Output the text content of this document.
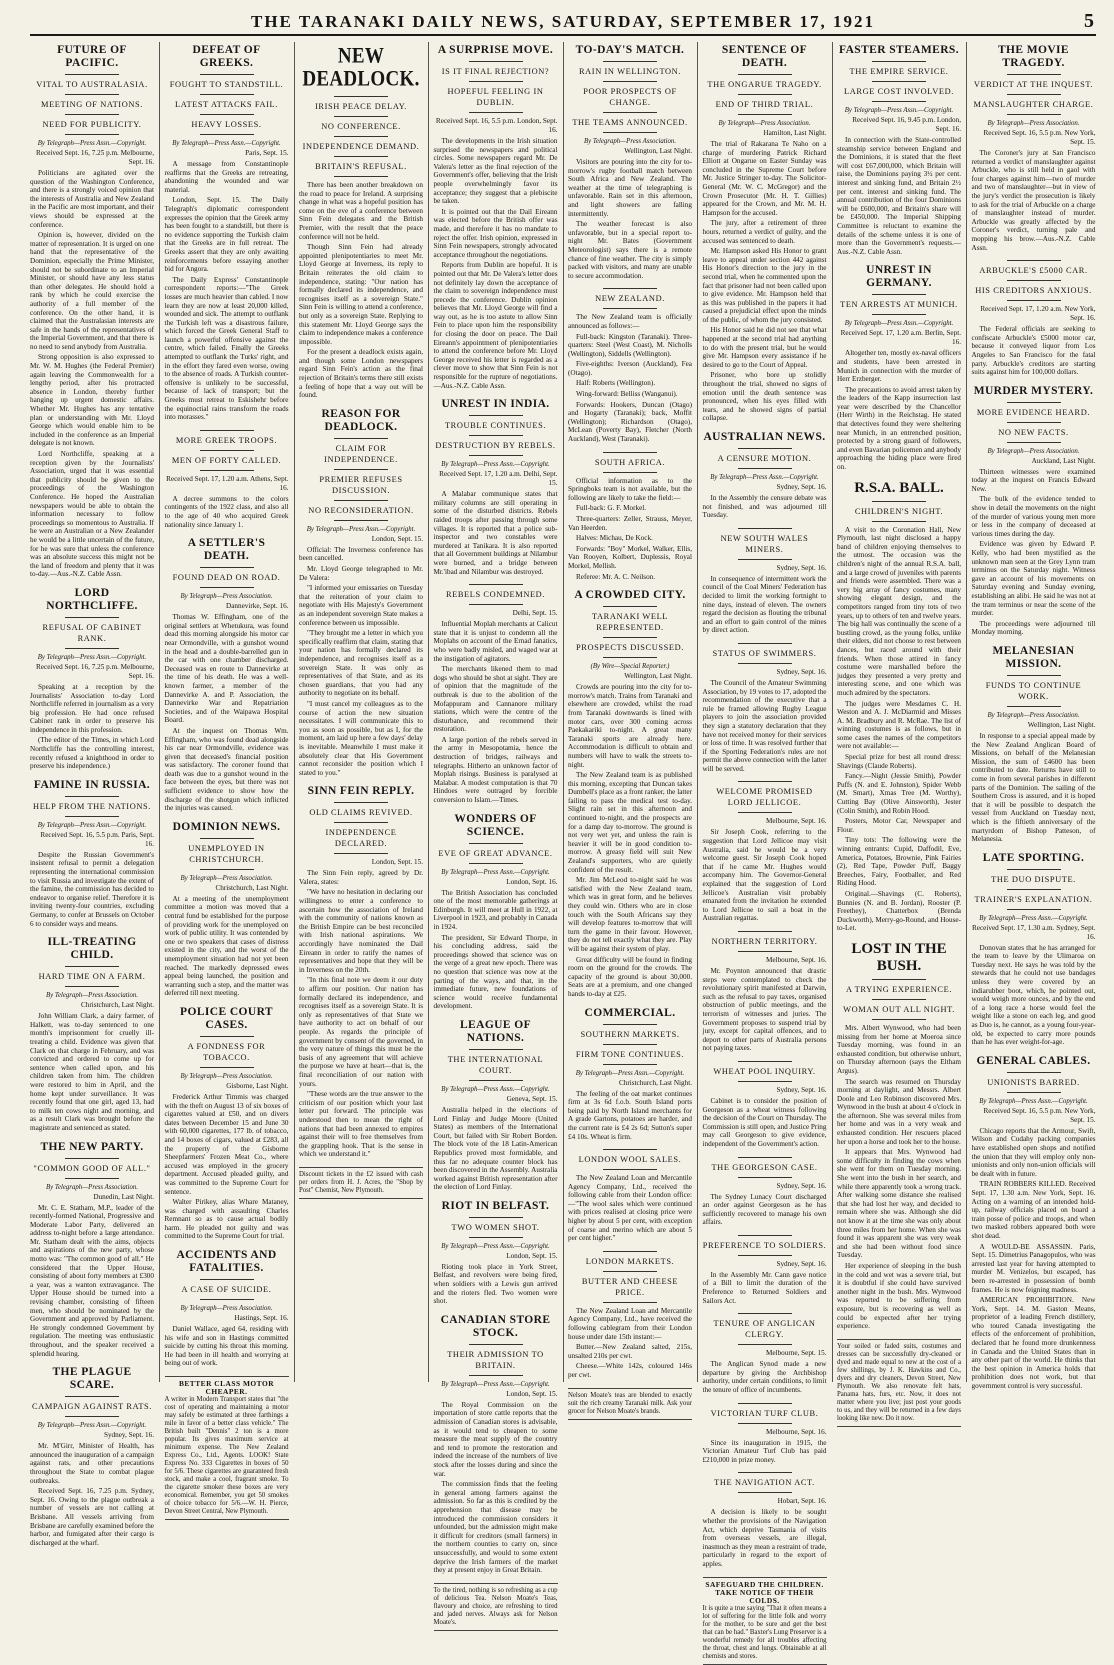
THE TARANAKI DAILY NEWS, SATURDAY, SEPTEMBER 17, 1921	5
FUTURE OF PACIFIC.
VITAL TO AUSTRALASIA.
MEETING OF NATIONS.
NEED FOR PUBLICITY.
By Telegraph—Press Assn.—Copyright.
Received Sept. 16, 7.25 p.m. Melbourne, Sept. 16.

Politicians are agitated over the question of the Washington Conference, and there is a strongly voiced opinion that the interests of Australia and New Zealand in the Pacific are most important, and their views should be expressed at the conference.

Opinion is, however, divided on the matter of representation. It is urged on one hand that the representative of the Dominion, especially the Prime Minister, should not be subordinate to an Imperial Minister, or should have any less status than other delegates. He should hold a rank by which he could exercise the authority of a full member of the conference. On the other hand, it is claimed that the Australasian interests are safe in the hands of the representatives of the Imperial Government, and that there is no need to send anybody from Australia.

Strong opposition is also expressed to Mr. W. M. Hughes (the Federal Premier) again leaving the Commonwealth for a lengthy period, after his protracted absence in London, thereby further hanging up urgent domestic affairs. Whether Mr. Hughes has any tentative plan or understanding with Mr. Lloyd George which would enable him to be included in the conference as an Imperial delegate is not known.

Lord Northcliffe, speaking at a reception given by the Journalists' Association, urged that it was essential that publicity should be given to the proceedings of the Washington Conference. He hoped the Australian newspapers would be able to obtain the information necessary to follow proceedings so momentous to Australia. If he were an Australian or a New Zealander he would be a little uncertain of the future, for he was sure that unless the conference was an absolute success this might not be the land of freedom and plenty that it was to-day.—Aus.-N.Z. Cable Assn.

LORD NORTHCLIFFE.
REFUSAL OF CABINET RANK.
By Telegraph—Press Assn.—Copyright.
Received Sept. 16, 7.25 p.m. Melbourne, Sept. 16.

Speaking at a reception by the Journalists' Association to-day Lord Northcliffe referred in journalism as a very big profession. He had once refused Cabinet rank in order to preserve his independence in this profession.

(The editor of the Times, in which Lord Northcliffe has the controlling interest, recently refused a knighthood in order to preserve his independence.)

FAMINE IN RUSSIA.
HELP FROM THE NATIONS.
By Telegraph—Press Assn.—Copyright.
Received Sept. 16, 5.5 p.m. Paris, Sept. 16.

Despite the Russian Government's insistent refusal to permit a delegation representing the international commission to visit Russia and investigate the extent of the famine, the commission has decided to endeavor to organise relief. Therefore it is inviting twenty-four countries, excluding Germany, to confer at Brussels on October 6 to consider ways and means.

ILL-TREATING CHILD.
HARD TIME ON A FARM.
By Telegraph—Press Association.
Christchurch, Last Night.

John William Clark, a dairy farmer, of Halkett, was to-day sentenced to one month's imprisonment for cruelly ill-treating a child. Evidence was given that Clark on that charge in February, and was convicted and ordered to come up for sentence when called upon, and his children taken from him. The children were restored to him in April, and the home kept under surveillance. It was recently found that one girl, aged 13, had to milk ten cows night and morning, and as a result Clark was brought before the magistrate and sentenced as stated.

THE NEW PARTY.
"COMMON GOOD OF ALL."
By Telegraph—Press Association.
Dunedin, Last Night.

Mr. C. E. Statham, M.P., leader of the recently-formed National, Progressive and Moderate Labor Party, delivered an address to-night before a large attendance. Mr. Statham dealt with the aims, objects and aspirations of the new party, whose motto was: "The common good of all." He considered that the Upper House, consisting of about forty members at £300 a year, was a wanton extravagance. The Upper House should be turned into a revising chamber, consisting of fifteen men, who should be nominated by the Government and approved by Parliament. He strongly condemned Government by regulation. The meeting was enthusiastic throughout, and the speaker received a splendid hearing.

THE PLAGUE SCARE.
CAMPAIGN AGAINST RATS.
By Telegraph—Press Assn.—Copyright.
Sydney, Sept. 16.

Mr. M'Girr, Minister of Health, has announced the inauguration of a campaign against rats, and other precautions throughout the State to combat plague outbreaks.

Received Sept. 16, 7.25 p.m. Sydney, Sept. 16. Owing to the plague outbreak a number of vessels are not calling at Brisbane. All vessels arriving from Brisbane are carefully examined before the harbor, and fumigated after their cargo is discharged at the wharf.

DEFEAT OF GREEKS.
FOUGHT TO STANDSTILL.
LATEST ATTACKS FAIL.
HEAVY LOSSES.
By Telegraph—Press Assn.—Copyright.
Paris, Sept. 15.

A message from Constantinople reaffirms that the Greeks are retreating, abandoning the wounded and war material.

London, Sept. 15. The Daily Telegraph's diplomatic correspondent expresses the opinion that the Greek army has been fought to a standstill, but there is no evidence supporting the Turkish claim that the Greeks are in full retreat. The Greeks assert that they are only awaiting reinforcements before essaying another bid for Angora.

The Daily Express' Constantinople correspondent reports:—"The Greek losses are much heavier than cabled. I now learn they are now at least 20,000 killed, wounded and sick. The attempt to outflank the Turkish left was a disastrous failure, which forced the Greek General Staff to launch a powerful offensive against the centre, which failed. Finally the Greeks attempted to outflank the Turks' right, and in the effort they fared even worse, owing to the absence of roads. A Turkish counter-offensive is unlikely to be successful, because of lack of transport; but the Greeks must retreat to Eskishehr before the equinoctial rains transform the roads into morasses."

MORE GREEK TROOPS.
MEN OF FORTY CALLED.
Received Sept. 17, 1.20 a.m. Athens, Sept. 16.

A decree summons to the colors contingents of the 1922 class, and also all to the age of 40 who acquired Greek nationality since January 1.

A SETTLER'S DEATH.
FOUND DEAD ON ROAD.
By Telegraph—Press Association.
Dannevirke, Sept. 16.

Thomas W. Effingham, one of the original settlers at Whetukura, was found dead this morning alongside his motor car near Ormondville, with a gunshot wound in the head and a double-barrelled gun in the car with one chamber discharged. Deceased was en route to Dannevirke at the time of his death. He was a well-known farmer, a member of the Dannevirke A. and P. Association, the Dannevirke War and Repatriation Societies, and of the Waipawa Hospital Board.

At the inquest on Thomas Wm. Effingham, who was found dead alongside his car near Ormondville, evidence was given that deceased's financial position was satisfactory. The coroner found that death was due to a gunshot wound in the face between the eyes, but there was not sufficient evidence to show how the discharge of the shotgun which inflicted the injuries was caused.

DOMINION NEWS.
UNEMPLOYED IN CHRISTCHURCH.
By Telegraph—Press Association.
Christchurch, Last Night.

At a meeting of the unemployment committee a motion was moved that a central fund be established for the purpose of providing work for the unemployed on work of public utility. It was contended by one or two speakers that cases of distress existed in the city, and the worst of the unemployment situation had not yet been reached. The markedly depressed ewes appeal being launched, the position and warranting such a step, and the matter was deferred till next meeting.

POLICE COURT CASES.
A FONDNESS FOR TOBACCO.
By Telegraph—Press Association.
Gisborne, Last Night.

Frederick Arthur Timmis was charged with the theft on August 13 of six boxes of cigarettes valued at £50, and on divers dates between December 15 and June 30 with 60,000 cigarettes, 177 lb. of tobacco, and 14 boxes of cigars, valued at £283, all the property of the Gisborne Sheepfarmers' Frozen Meat Co., where accused was employed in the grocery department. Accused pleaded guilty, and was committed to the Supreme Court for sentence.

Walter Pirikey, alias Whare Mataney, was charged with assaulting Charles Remnant so as to cause actual bodily harm. He pleaded not guilty and was committed to the Supreme Court for trial.

ACCIDENTS AND FATALITIES.
A CASE OF SUICIDE.
By Telegraph—Press Association.
Hastings, Sept. 16.

Daniel Wallace, aged 64, residing with his wife and son in Hastings committed suicide by cutting his throat this morning. He had been in ill health and worrying at being out of work.

BETTER CLASS MOTOR CHEAPER.
A writer in Modern Transport states that "the cost of operating and maintaining a motor may safely be estimated at three farthings a mile in favor of a better class vehicle." The British built "Dennis" 2 ton is a more popular. Its gives maximum service at minimum expense. The New Zealand Express Co., Ltd., Agents. LOOK! State Express No. 333 Cigarettes in boxes of 50 for 5/6. These cigarettes are guaranteed fresh stock, and make a cool, fragrant smoke. To the cigarette smoker these boxes are very economical. Remember, you get 50 smokes of choice tobacco for 5/6.—W. H. Pierce, Devon Street Central, New Plymouth.
NEW DEADLOCK.
IRISH PEACE DELAY.
NO CONFERENCE.
INDEPENDENCE DEMAND.
BRITAIN'S REFUSAL.

There has been another breakdown on the road to peace for Ireland. A surprising change in what was a hopeful position has come on the eve of a conference between Sinn Fein delegates and the British Premier, with the result that the peace conference will not be held.

Though Sinn Fein had already appointed plenipotentiaries to meet Mr. Lloyd George at Inverness, its reply to Britain reiterates the old claim to independence, stating: "Our nation has formally declared its independence, and recognises itself as a sovereign State." Sinn Fein is willing to attend a conference, but only as a sovereign State. Replying to this statement Mr. Lloyd George says the claim to independence makes a conference impossible.

For the present a deadlock exists again, and though some London newspapers regard Sinn Fein's action as the final rejection of Britain's terms there still exists a feeling of hope that a way out will be found.

REASON FOR DEADLOCK.
CLAIM FOR INDEPENDENCE.
PREMIER REFUSES DISCUSSION.
NO RECONSIDERATION.
By Telegraph—Press Assn.—Copyright.
London, Sept. 15.

Official: The Inverness conference has been cancelled.

Mr. Lloyd George telegraphed to Mr. De Valera:

"I informed your emissaries on Tuesday that the reiteration of your claim to negotiate with His Majesty's Government as an independent sovereign State makes a conference between us impossible.

"They brought me a letter in which you specifically reaffirm that claim, stating that your nation has formally declared its independence, and recognises itself as a sovereign State. It was only as representatives of that State, and as its chosen guardians, that you had any authority to negotiate on its behalf.

"I must cancel my colleagues as to the course of action the new situation necessitates. I will communicate this to you as soon as possible, but as I, for the moment, am laid up here a few days' delay is inevitable. Meanwhile I must make it absolutely clear that His Government cannot reconsider the position which I stated to you."

SINN FEIN REPLY.
OLD CLAIMS REVIVED.
INDEPENDENCE DECLARED.
London, Sept. 15.

The Sinn Fein reply, agreed by Dr. Valera, states:

"We have no hesitation in declaring our willingness to enter a conference to ascertain how the association of Ireland with the community of nations known as the British Empire can be best reconciled with Irish national aspirations. We accordingly have nominated the Dail Eireann in order to ratify the names of representatives and hope that they will be in Inverness on the 20th.

"In this final note we deem it our duty to affirm our position. Our nation has formally declared its independence, and recognises itself as a sovereign State. It is only as representatives of that State we have authority to act on behalf of our people. As regards the principle of government by consent of the governed, in the very nature of things this must be the basis of any agreement that will achieve the purpose we have at heart—that is, the final reconciliation of our nation with yours.

"These words are the true answer to the criticism of our position which your last letter put forward. The principle was understood then to mean the right of nations that had been annexed to empires against their will to free themselves from the grappling hook. That is the sense in which we understand it."

Discount tickets in the £2 issued with cash per orders from H. J. Acres, the "Shop by Post" Chemist, New Plymouth.
A SURPRISE MOVE.
IS IT FINAL REJECTION?
HOPEFUL FEELING IN DUBLIN.
Received Sept. 16, 5.5 p.m. London, Sept. 16.

The developments in the Irish situation surprised the newspapers and political circles. Some newspapers regard Mr. De Valera's letter as the final rejection of the Government's offer, believing that the Irish people overwhelmingly favor its acceptance; they suggest that a plebiscite be taken.

It is pointed out that the Dail Eireann was elected before the British offer was made, and therefore it has no mandate to reject the offer. Irish opinion, expressed in Sinn Fein newspapers, strongly advocated acceptance throughout the negotiations.

Reports from Dublin are hopeful. It is pointed out that Mr. De Valera's letter does not definitely lay down the acceptance of the claim to sovereign independence must precede the conference. Dublin opinion believes that Mr. Lloyd George will find a way out, as he is too astute to allow Sinn Fein to place upon him the responsibility for closing the door on peace. The Dail Eireann's appointment of plenipotentiaries to attend the conference before Mr. Lloyd George received his letter is regarded as a clever move to show that Sinn Fein is not responsible for the rupture of negotiations.—Aus.-N.Z. Cable Assn.

UNREST IN INDIA.
TROUBLE CONTINUES.
DESTRUCTION BY REBELS.
By Telegraph—Press Assn.—Copyright.
Received Sept. 17, 1.20 a.m. Delhi, Sept. 15.

A Malabar communique states that military columns are still operating in some of the disturbed districts. Rebels raided troops after passing through some villages. It is reported that a police sub-inspector and two constables were murdered at Tanikara. It is also reported that all Government buildings at Nilambur were burned, and a bridge between Mr.'ibad and Nilambur was destroyed.

REBELS CONDEMNED.
Delhi, Sept. 15.

Influential Moplah merchants at Calicut state that it is unjust to condemn all the Moplahs on account of the Ernad fanatics, who were badly misled, and waged war at the instigation of agitators.

The merchants likened them to mad dogs who should be shot at sight. They are of opinion that the magnitude of the outbreak is due to the abolition of the Mofappuram and Cannanore military stations, which were the centre of the disturbance, and recommend their restoration.

A large portion of the rebels served in the army in Mesopotamia, hence the destruction of bridges, railways and telegraphs. Hitherto an unknown factor of Moplah risings. Business is paralysed at Malabar. A modest computation is that 70 Hindoes were outraged by forcible conversion to Islam.—Times.

WONDERS OF SCIENCE.
EVE OF GREAT ADVANCE.
By Telegraph—Press Assn.—Copyright.
London, Sept. 16.

The British Association has concluded one of the most memorable gatherings at Edinburgh. It will meet at Hull in 1922, at Liverpool in 1923, and probably in Canada in 1924.

The president, Sir Edward Thorpe, in his concluding address, said the proceedings showed that science was on the verge of a great new epoch. There was no question that science was now at the parting of the ways, and that, in the immediate future, new foundations of science would receive fundamental development.

LEAGUE OF NATIONS.
THE INTERNATIONAL COURT.
By Telegraph—Press Assn.—Copyright.
Geneva, Sept. 15.

Australia helped in the elections of Lord Finlay and Judge Moore (United States) as members of the International Court, but failed with Sir Robert Borden. The block vote of the 18 Latin-American Republics proved most formidable, and thus far no adequate counter block has been discovered in the Assembly. Australia worked against British representation after the election of Lord Finlay.

RIOT IN BELFAST.
TWO WOMEN SHOT.
By Telegraph—Press Assn.—Copyright.
London, Sept. 15.

Rioting took place in York Street, Belfast, and revolvers were being fired, when soldiers with a Lewis gun arrived and the rioters fled. Two women were shot.

CANADIAN STORE STOCK.
THEIR ADMISSION TO BRITAIN.
By Telegraph—Press Assn.—Copyright.
London, Sept. 15.

The Royal Commission on the importation of store cattle reports that the admission of Canadian stores is advisable, as it would tend to cheapen to some measure the meat supply of the country and tend to promote the restoration and indeed the increase of the numbers of live stock after the losses during and since the war.

The commission finds that the feeling in general among farmers against the admission. So far as this is credited by the apprehension that disease may be introduced the commission considers it unfounded, but the admission might make it difficult for creditors (small farmers) in the northern counties to carry on, since unsuccessfully, and would to some extent deprive the Irish farmers of the market they at present enjoy in Great Britain.

To the tired, nothing is so refreshing as a cup of delicious Tea. Nelson Moate's Teas, flavoury and choice, are refreshing to tired and jaded nerves. Always ask for Nelson Moate's.
TO-DAY'S MATCH.
RAIN IN WELLINGTON.
POOR PROSPECTS OF CHANGE.
THE TEAMS ANNOUNCED.
By Telegraph—Press Association.
Wellington, Last Night.

Visitors are pouring into the city for to-morrow's rugby football match between South Africa and New Zealand. The weather at the time of telegraphing is unfavorable. Rain set in this afternoon, and light showers are falling intermittently.

The weather forecast is also unfavorable, but in a special report to-night Mr. Bates (Government Meteorologist) says there is a remote chance of fine weather. The city is simply packed with visitors, and many are unable to secure accommodation.

NEW ZEALAND.

The New Zealand team is officially announced as follows:—

Full-back: Kingston (Taranaki). Three-quarters: Steel (West Coast), M. Nicholls (Wellington), Siddells (Wellington).

Five-eighths: Iverson (Auckland), Fea (Otago).

Half: Roberts (Wellington).

Wing-forward: Belliss (Wanganui).

Forwards: Hookers, Duncan (Otago) and Hogarty (Taranaki); back, Moffit (Wellington); Richardson (Otago), McLean (Poverty Bay), Fletcher (North Auckland), West (Taranaki).

SOUTH AFRICA.

Official information as to the Springboks team is not available, but the following are likely to take the field:—

Full-back: G. F. Morkel.

Three-quarters: Zeller, Strauss, Meyer, Van Heerden.

Halves: Michau, De Kock.

Forwards: "Boy" Morkel, Walker, Ellis, Van Rooyen, Kolbert, Duplessis, Royal Morkel, Mellish.

Referee: Mr. A. C. Neilson.

A CROWDED CITY.
TARANAKI WELL REPRESENTED.
PROSPECTS DISCUSSED.
(By Wire—Special Reporter.)
Wellington, Last Night.

Crowds are pouring into the city for to-morrow's match. Trains from Taranaki and elsewhere are crowded, whilst the road from Taranaki downwards is lined with motor cars, over 300 coming across Paekakariki to-night. A great many Taranaki sports are already here. Accommodation is difficult to obtain and numbers will have to walk the streets to-night.

The New Zealand team is as published this morning, excepting that Duncan takes Dumbell's place as a front ranker, the latter failing to pass the medical test to-day. Slight rain set in this afternoon and continued to-night, and the prospects are for a damp day to-morrow. The ground is not very wet yet, and unless the rain is heavier it will be in good condition to-morrow. A greasy field will suit New Zealand's supporters, who are quietly confident of the result.

Mr. Jim McLeod to-night said he was satisfied with the New Zealand team, which was in great form, and he believes they could win. Others who are in close touch with the South Africans say they will develop features to-morrow that will turn the game in their favour. However, they do not tell exactly what they are. Play will be against their system of play.

Great difficulty will be found in finding room on the ground for the crowds. The capacity of the ground is about 30,000. Seats are at a premium, and one changed hands to-day at £25.

COMMERCIAL.
SOUTHERN MARKETS.
FIRM TONE CONTINUES.
By Telegraph—Press Assn.—Copyright.
Christchurch, Last Night.

The feeling of the oat market continues firm at 3s 6d f.o.b. South Island ports being paid by North Island merchants for A grade Gartons, potatoes are harder, and the current rate is £4 2s 6d; Sutton's super £4 10s. Wheat is firm.

LONDON WOOL SALES.

The New Zealand Loan and Mercantile Agency Company, Ltd., received the following cable from their London office:—"The wool sales which were continued with prices realised at closing price were higher by about 5 per cent, with exception of coarse and merino which are about 5 per cent higher."

LONDON MARKETS.
BUTTER AND CHEESE PRICE.

The New Zealand Loan and Mercantile Agency Company, Ltd., have received the following cablegram from their London house under date 15th instant:—

Butter.—New Zealand salted, 215s, unsalted 210s per cwt.

Cheese.—White 142s, coloured 146s per cwt.

Nelson Moate's teas are blended to exactly suit the rich creamy Taranaki milk. Ask your grocer for Nelson Moate's brands.
SENTENCE OF DEATH.
THE ONGARUE TRAGEDY.
END OF THIRD TRIAL.
By Telegraph—Press Association.
Hamilton, Last Night.

The trial of Rakarana Te Naho on a charge of murdering Patrick Richard Elliott at Ongarue on Easter Sunday was concluded in the Supreme Court before Mr. Justice Stringer to-day. The Solicitor-General (Mr. W. C. McGregor) and the Crown Prosecutor (Mr. H. T. Gillies) appeared for the Crown, and Mr. M. H. Hampson for the accused.

The jury, after a retirement of three hours, returned a verdict of guilty, and the accused was sentenced to death.

Mr. Hampson asked His Honor to grant leave to appeal under section 442 against His Honor's direction to the jury in the second trial, when he commented upon the fact that prisoner had not been called upon to give evidence. Mr. Hampson held that as this was published in the papers it had caused a prejudicial effect upon the minds of the public, of whom the jury consisted.

His Honor said he did not see that what happened at the second trial had anything to do with the present trial, but he would give Mr. Hampson every assistance if he desired to go to the Court of Appeal.

Prisoner, who bore up stolidly throughout the trial, showed no signs of emotion until the death sentence was pronounced, when his eyes filled with tears, and he showed signs of partial collapse.

AUSTRALIAN NEWS.
A CENSURE MOTION.
By Telegraph—Press Assn.—Copyright.
Sydney, Sept. 16.

In the Assembly the censure debate was not finished, and was adjourned till Tuesday.

NEW SOUTH WALES MINERS.
Sydney, Sept. 16.

In consequence of intermittent work the council of the Coal Miners' Federation has decided to limit the working fortnight to nine days, instead of eleven. The owners regard the decision as flouting the tribunal and an effort to gain control of the mines by direct action.

STATUS OF SWIMMERS.
Sydney, Sept. 16.

The Council of the Amateur Swimming Association, by 19 votes to 17, adopted the recommendation of the executive that a rule be framed allowing Rugby League players to join the association provided they sign a statutory declaration that they have not received money for their services or loss of time. It was resolved further that if the Sporting Federation's rules are not permit the above connection with the latter will be served.

WELCOME PROMISED LORD JELLICOE.
Melbourne, Sept. 16.

Sir Joseph Cook, referring to the suggestion that Lord Jellicoe may visit Australia, said he would be a very welcome guest. Sir Joseph Cook hoped that if he came Mr. Hughes would accompany him. The Governor-General explained that the suggestion of Lord Jellicoe's Australian visit probably emanated from the invitation he extended to Lord Jellicoe to sail a boat in the Australian regattas.

NORTHERN TERRITORY.
Melbourne, Sept. 16.

Mr. Poynton announced that drastic steps were contemplated to check the revolutionary spirit manifested at Darwin, such as the refusal to pay taxes, organised obstruction of public meetings, and the terrorism of witnesses and juries. The Government proposes to suspend trial by jury, except for capital offences, and to deport to other parts of Australia persons not paying taxes.

WHEAT POOL INQUIRY.
Sydney, Sept. 16.

Cabinet is to consider the position of Georgeson as a wheat witness following the decision of the Court on Thursday. The Commission is still open, and Justice Pring may call Georgeson to give evidence, independent of the Government's action.

THE GEORGESON CASE.
Sydney, Sept. 16.

The Sydney Lunacy Court discharged an order against Georgeson as he has sufficiently recovered to manage his own affairs.

PREFERENCE TO SOLDIERS.
Sydney, Sept. 16.

In the Assembly Mr. Cann gave notice of a Bill to limit the duration of the Preference to Returned Soldiers and Sailors Act.

TENURE OF ANGLICAN CLERGY.
Melbourne, Sept. 15.

The Anglican Synod made a new departure by giving the Archbishop authority, under certain conditions, to limit the tenure of office of incumbents.

VICTORIAN TURF CLUB.
Melbourne, Sept. 16.

Since its inauguration in 1915, the Victorian Amateur Turf Club has paid £210,000 in prize money.

THE NAVIGATION ACT.
Hobart, Sept. 16.

A decision is likely to be sought whether the provisions of the Navigation Act, which deprive Tasmania of visits from overseas vessels, are illegal, inasmuch as they mean a restraint of trade, particularly in regard to the export of apples.

SAFEGUARD THE CHILDREN. TAKE NOTICE OF THEIR COLDS.
It is quite a true saying "That it often means a lot of suffering for the little folk and worry for the mother, to be sure and get the best that can be had." Baxter's Lung Preserver is a wonderful remedy for all troubles affecting the throat, chest and lungs. Obtainable at all chemists and stores.
FASTER STEAMERS.
THE EMPIRE SERVICE.
LARGE COST INVOLVED.
By Telegraph—Press Assn.—Copyright.
Received Sept. 16, 9.45 p.m. London, Sept. 16.

In connection with the State-controlled steamship service between England and the Dominions, it is stated that the fleet will cost £67,000,000, which Britain will raise, the Dominions paying 3½ per cent. interest and sinking fund, and Britain 2½ per cent. interest and sinking fund. The annual contribution of the four Dominions will be £600,000, and Britain's share will be £450,000. The Imperial Shipping Committee is reluctant to examine the details of the scheme unless it is one of more than the Government's requests.—Aus.-N.Z. Cable Assn.

UNREST IN GERMANY.
TEN ARRESTS AT MUNICH.
By Telegraph—Press Assn.—Copyright.
Received Sept. 17, 1.20 a.m. Berlin, Sept. 16.

Altogether ten, mostly ex-naval officers and students, have been arrested in Munich in connection with the murder of Herr Erzberger.

The precautions to avoid arrest taken by the leaders of the Kapp insurrection last year were described by the Chancellor (Herr Wirth) in the Reichstag. He stated that detectives found they were sheltering near Munich, in an entrenched position, protected by a strong guard of followers, and even Bavarian policemen and anybody approaching the hiding place were fired on.

R.S.A. BALL.
CHILDREN'S NIGHT.

A visit to the Coronation Hall, New Plymouth, last night disclosed a happy band of children enjoying themselves to the utmost. The occasion was the children's night of the annual R.S.A. ball, and a large crowd of juveniles with parents and friends were assembled. There was a very big array of fancy costumes, many showing elegant design, and the competitors ranged from tiny tots of two years, up to others of ten and twelve years. The big hall was continually the scene of a bustling crowd, as the young folks, unlike their elders, did not choose to rest between dances, but raced around with their friends. When those attired in fancy costume were marshalled before the judges they presented a very pretty and interesting scene, and one which was much admired by the spectators.

The judges were Mesdames C. H. Weston and A. J. McDiarmid and Misses A. M. Bradbury and R. McRae. The list of winning costumes is as follows, but in some cases the names of the competitors were not available:—

Special prize for best all round dress: Shavings (Claude Roberts).

Fancy.—Night (Jessie Smith), Powder Puffs (N. and E. Johnston), Spider Webb (M. Smart), Xmas Tree (M. Worthy), Cutting Bay (Olive Ainsworth), Jester (Colin Smith), and Robin Hood.

Posters, Motor Car, Newspaper and Flour.

Tiny tots: The following were the winning entrants: Cupid, Daffodil, Eve, America, Potatoes, Brownie, Pink Fairies (2), Red Tape, Powder Puff, Baggy Breeches, Fairy, Footballer, and Red Riding Hood.

Original.—Shavings (C. Roberts), Bunnies (N. and B. Jordan), Rooster (P. Freethey), Chatterbox (Brenda Duckworth), Merry-go-Round, and House-to-Let.

LOST IN THE BUSH.
A TRYING EXPERIENCE.
WOMAN OUT ALL NIGHT.

Mrs. Albert Wynwood, who had been missing from her home at Moeroa since Tuesday morning, was found in an exhausted condition, but otherwise unhurt, on Thursday afternoon (says the Eltham Argus).

The search was resumed on Thursday morning at daylight, and Messrs. Albert Doole and Leo Robinson discovered Mrs. Wynwood in the bush at about 4 o'clock in the afternoon. She was several miles from her home and was in a very weak and exhausted condition. Her rescuers placed her upon a horse and took her to the house.

It appears that Mrs. Wynwood had some difficulty in finding the cows when she went for them on Tuesday morning. She went into the bush in her search, and while there apparently took a wrong track. After walking some distance she realised that she had lost her way, and decided to remain where she was. Although she did not know it at the time she was only about three miles from her home. When she was found it was apparent she was very weak and she had been without food since Tuesday.

Her experience of sleeping in the bush in the cold and wet was a severe trial, but it is doubtful if she could have survived another night in the bush. Mrs. Wynwood was reported to be suffering from exposure, but is recovering as well as could be expected after her trying experience.

Your soiled or faded suits, costumes and dresses can be successfully dry-cleaned or dyed and made equal to new at the cost of a few shillings, by J. K. Hawkins and Co., dyers and dry cleaners, Devon Street, New Plymouth. We also renovate felt hats, Panama hats, furs, etc. Now, it does not matter where you live; just post your goods to us, and they will be returned in a few days looking like new. Do it now.
THE MOVIE TRAGEDY.
VERDICT AT THE INQUEST.
MANSLAUGHTER CHARGE.
By Telegraph—Press Association.
Received Sept. 16, 5.5 p.m. New York, Sept. 15.

The Coroner's jury at San Francisco returned a verdict of manslaughter against Arbuckle, who is still held in gaol with four charges against him—two of murder and two of manslaughter—but in view of the jury's verdict the prosecution is likely to ask for the trial of Arbuckle on a charge of manslaughter instead of murder. Arbuckle was greatly affected by the Coroner's verdict, turning pale and mopping his brow.—Aus.-N.Z. Cable Assn.

ARBUCKLE'S £5000 CAR.
HIS CREDITORS ANXIOUS.
Received Sept. 17, 1.20 a.m. New York, Sept. 16.

The Federal officials are seeking to confiscate Arbuckle's £5000 motor car, because it conveyed liquor from Los Angeles to San Francisco for the fatal party. Arbuckle's creditors are starting suits against him for 100,000 dollars.

MURDER MYSTERY.
MORE EVIDENCE HEARD.
NO NEW FACTS.
By Telegraph—Press Association.
Auckland, Last Night.

Thirteen witnesses were examined today at the inquest on Francis Edward New.

The bulk of the evidence tended to show in detail the movements on the night of the murder of various young men more or less in the company of deceased at various times during the day.

Evidence was given by Edward P. Kelly, who had been mystified as the unknown man seen at the Grey Lynn tram terminus on the Saturday night. Witness gave an account of his movements on Saturday evening and Sunday evening, establishing an alibi. He said he was not at the tram terminus or near the scene of the murder.

The proceedings were adjourned till Monday morning.

MELANESIAN MISSION.
FUNDS TO CONTINUE WORK.
By Telegraph—Press Association.
Wellington, Last Night.

In response to a special appeal made by the New Zealand Anglican Board of Missions, on behalf of the Melanesian Mission, the sum of £4600 has been contributed to date. Returns have still to come in from several parishes in different parts of the Dominion. The sailing of the Southern Cross is assured, and it is hoped that it will be possible to despatch the vessel from Auckland on Tuesday next, which is the fiftieth anniversary of the martyrdom of Bishop Patteson, of Melanesia.

LATE SPORTING.
THE DUO DISPUTE.
TRAINER'S EXPLANATION.
By Telegraph—Press Assn.—Copyright.
Received Sept. 17, 1.30 a.m. Sydney, Sept. 16.

Donovan states that he has arranged for the team to leave by the Ulimaroa on Tuesday next. He says he was told by the stewards that he could not use bandages unless they were covered by an indiarubber boot, which, he pointed out, would weigh more ounces, and by the end of a long race a horse would feel the weight like a stone on each leg, and good as Duo is, he cannot, as a young four-year-old, be expected to carry more pounds than he has ever weight-for-age.

GENERAL CABLES.
UNIONISTS BARRED.
By Telegraph—Press Assn.—Copyright.
Received Sept. 16, 5.5 p.m. New York, Sept. 15.

Chicago reports that the Armour, Swift, Wilson and Cudahy packing companies have established open shops and notified the union that they will employ only non-unionists and only non-union officials will be dealt with in future.

TRAIN ROBBERS KILLED. Received Sept. 17, 1.30 a.m. New York, Sept. 16. Acting on a warning of an intended hold-up, railway officials placed on board a train posse of police and troops, and when two masked robbers appeared both were shot dead.

A WOULD-BE ASSASSIN. Paris, Sept. 15. Dimetrius Panagopulos, who was arrested last year for having attempted to murder M. Venizelos, but escaped, has been re-arrested in possession of bomb frames. He is now feigning madness.

AMERICAN PROHIBITION. New York, Sept. 14. M. Gaston Means, proprietor of a leading French distillery, who toured Canada investigating the effects of the enforcement of prohibition, declared that he found more drunkenness in Canada and the United States than in any other part of the world. He thinks that the best opinion in America holds that prohibition does not work, but that government control is very successful.
